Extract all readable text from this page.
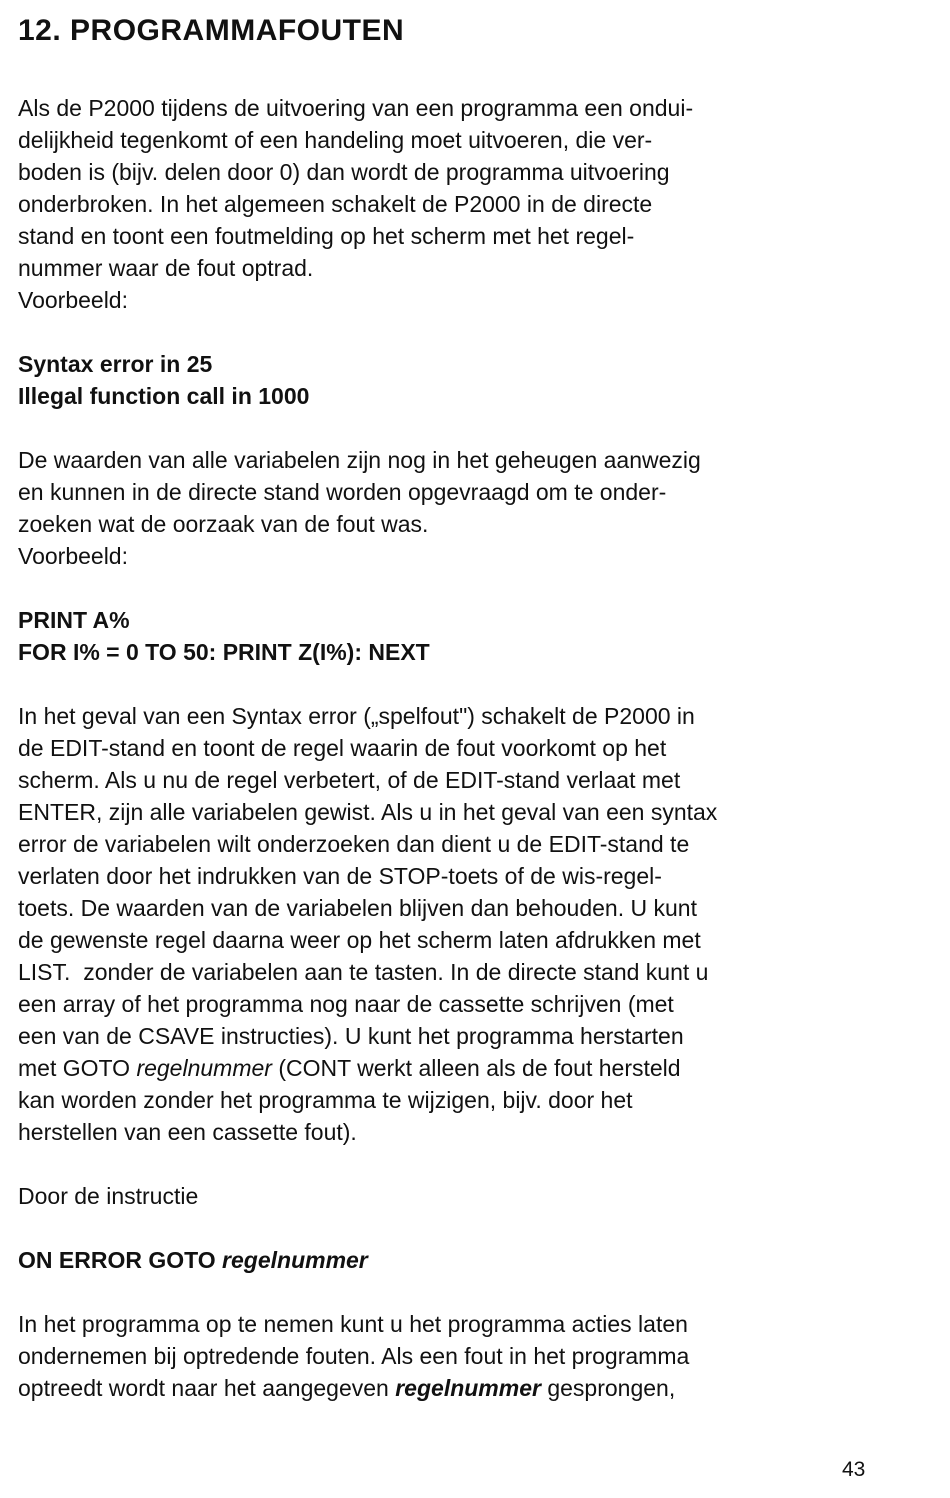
12. PROGRAMMAFOUTEN

Als de P2000 tijdens de uitvoering van een programma een ondui-
delijkheid tegenkomt of een handeling moet uitvoeren, die ver-
boden is (bijv. delen door 0) dan wordt de programma uitvoering
onderbroken. In het algemeen schakelt de P2000 in de directe
stand en toont een foutmelding op het scherm met het regel-
nummer waar de fout optrad.
Voorbeeld:

Syntax error in 25
Illegal function call in 1000

De waarden van alle variabelen zijn nog in het geheugen aanwezig
en kunnen in de directe stand worden opgevraagd om te onder-
zoeken wat de oorzaak van de fout was.
Voorbeeld:

PRINT A%
FOR I% = 0 TO 50: PRINT Z(I%): NEXT

In het geval van een Syntax error („spelfout") schakelt de P2000 in
de EDIT-stand en toont de regel waarin de fout voorkomt op het
scherm. Als u nu de regel verbetert, of de EDIT-stand verlaat met
ENTER, zijn alle variabelen gewist. Als u in het geval van een syntax
error de variabelen wilt onderzoeken dan dient u de EDIT-stand te
verlaten door het indrukken van de STOP-toets of de wis-regel-
toets. De waarden van de variabelen blijven dan behouden. U kunt
de gewenste regel daarna weer op het scherm laten afdrukken met
LIST.  zonder de variabelen aan te tasten. In de directe stand kunt u
een array of het programma nog naar de cassette schrijven (met
een van de CSAVE instructies). U kunt het programma herstarten
met GOTO regelnummer (CONT werkt alleen als de fout hersteld
kan worden zonder het programma te wijzigen, bijv. door het
herstellen van een cassette fout).

Door de instructie

ON ERROR GOTO regelnummer

In het programma op te nemen kunt u het programma acties laten
ondernemen bij optredende fouten. Als een fout in het programma
optreedt wordt naar het aangegeven regelnummer gesprongen,

43
